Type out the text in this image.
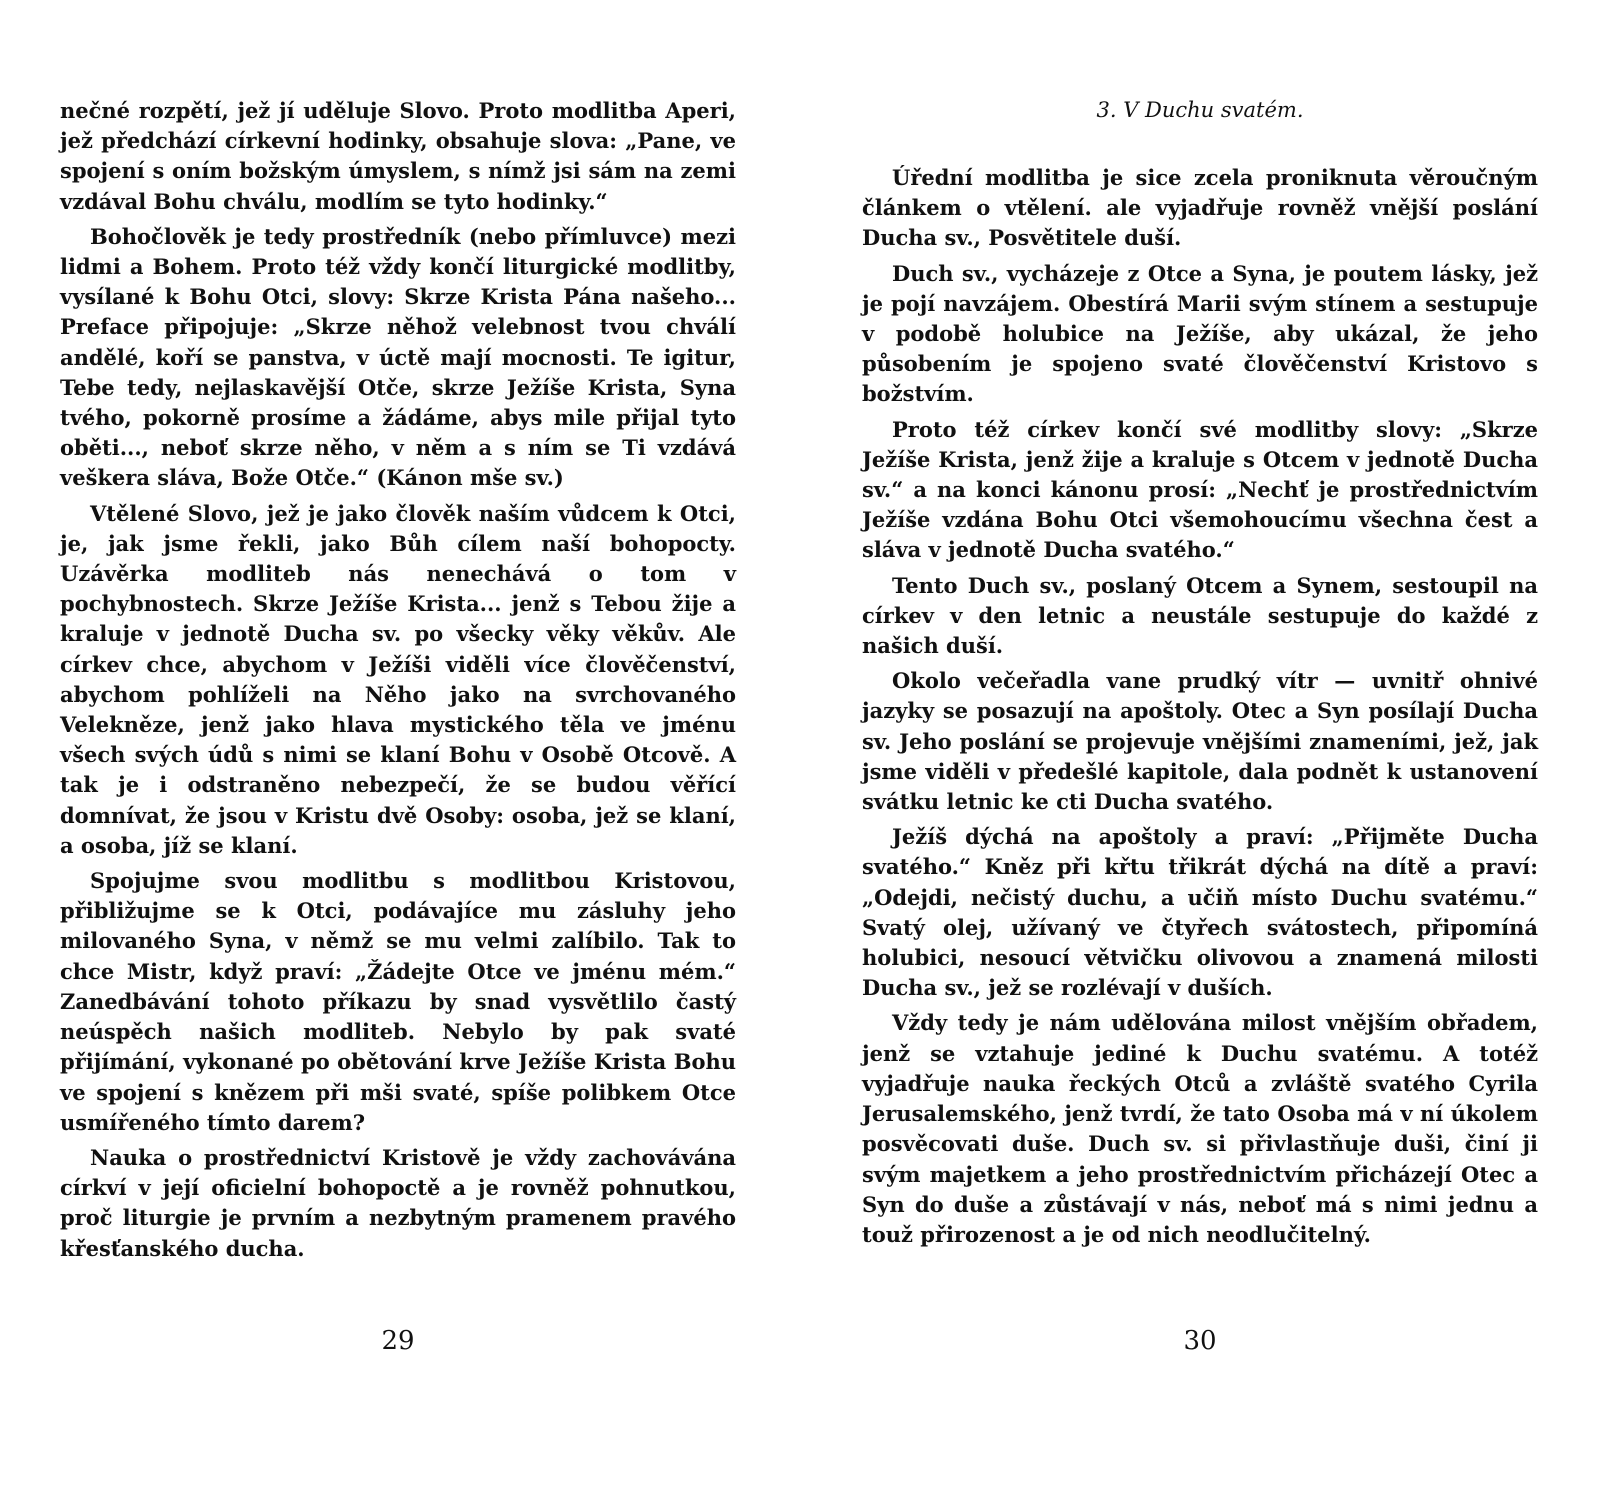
nečné rozpětí, jež jí uděluje Slovo. Proto modlitba Aperi, jež předchází církevní hodinky, obsahuje slova: „Pane, ve spojení s oním božským úmyslem, s nímž jsi sám na zemi vzdával Bohu chválu, modlím se tyto hodinky.“

Bohočlověk je tedy prostředník (nebo přímluvce) mezi lidmi a Bohem. Proto též vždy končí liturgické modlitby, vysílané k Bohu Otci, slovy: Skrze Krista Pána našeho... Preface připojuje: „Skrze něhož velebnost tvou chválí andělé, koří se panstva, v úctě mají mocnosti. Te igitur, Tebe tedy, nejlaskavější Otče, skrze Ježíše Krista, Syna tvého, pokorně prosíme a žádáme, abys mile přijal tyto oběti..., neboť skrze něho, v něm a s ním se Ti vzdává veškera sláva, Bože Otče.“ (Kánon mše sv.)

Vtělené Slovo, jež je jako člověk naším vůdcem k Otci, je, jak jsme řekli, jako Bůh cílem naší bohopocty. Uzávěrka modliteb nás nenechává o tom v pochybnostech. Skrze Ježíše Krista... jenž s Tebou žije a kraluje v jednotě Ducha sv. po všecky věky věkův. Ale církev chce, abychom v Ježíši viděli více člověčenství, abychom pohlíželi na Něho jako na svrchovaného Velekněze, jenž jako hlava mystického těla ve jménu všech svých údů s nimi se klaní Bohu v Osobě Otcově. A tak je i odstraněno nebezpečí, že se budou věřící domnívat, že jsou v Kristu dvě Osoby: osoba, jež se klaní, a osoba, jíž se klaní.

Spojujme svou modlitbu s modlitbou Kristovou, přibližujme se k Otci, podávajíce mu zásluhy jeho milovaného Syna, v němž se mu velmi zalíbilo. Tak to chce Mistr, když praví: „Žádejte Otce ve jménu mém.“ Zanedbávání tohoto příkazu by snad vysvětlilo častý neúspěch našich modliteb. Nebylo by pak svaté přijímání, vykonané po obětování krve Ježíše Krista Bohu ve spojení s knězem při mši svaté, spíše polibkem Otce usmířeného tímto darem?

Nauka o prostřednictví Kristově je vždy zachovávána církví v její oficielní bohopoctě a je rovněž pohnutkou, proč liturgie je prvním a nezbytným pramenem pravého křesťanského ducha.

29
3. V Duchu svatém.

Úřední modlitba je sice zcela proniknuta věroučným článkem o vtělení. ale vyjadřuje rovněž vnější poslání Ducha sv., Posvětitele duší.

Duch sv., vycházeje z Otce a Syna, je poutem lásky, jež je pojí navzájem. Obestírá Marii svým stínem a sestupuje v podobě holubice na Ježíše, aby ukázal, že jeho působením je spojeno svaté člověčenství Kristovo s božstvím.

Proto též církev končí své modlitby slovy: „Skrze Ježíše Krista, jenž žije a kraluje s Otcem v jednotě Ducha sv.“ a na konci kánonu prosí: „Nechť je prostřednictvím Ježíše vzdána Bohu Otci všemohoucímu všechna čest a sláva v jednotě Ducha svatého.“

Tento Duch sv., poslaný Otcem a Synem, sestoupil na církev v den letnic a neustále sestupuje do každé z našich duší.

Okolo večeřadla vane prudký vítr — uvnitř ohnivé jazyky se posazují na apoštoly. Otec a Syn posílají Ducha sv. Jeho poslání se projevuje vnějšími znameními, jež, jak jsme viděli v předešlé kapitole, dala podnět k ustanovení svátku letnic ke cti Ducha svatého.

Ježíš dýchá na apoštoly a praví: „Přijměte Ducha svatého.“ Kněz při křtu třikrát dýchá na dítě a praví: „Odejdi, nečistý duchu, a učiň místo Duchu svatému.“ Svatý olej, užívaný ve čtyřech svátostech, připomíná holubici, nesoucí větvičku olivovou a znamená milosti Ducha sv., jež se rozlévají v duších.

Vždy tedy je nám udělována milost vnějším obřadem, jenž se vztahuje jediné k Duchu svatému. A totéž vyjadřuje nauka řeckých Otců a zvláště svatého Cyrila Jerusalemského, jenž tvrdí, že tato Osoba má v ní úkolem posvěcovati duše. Duch sv. si přivlastňuje duši, činí ji svým majetkem a jeho prostřednictvím přicházejí Otec a Syn do duše a zůstávají v nás, neboť má s nimi jednu a touž přirozenost a je od nich neodlučitelný.

30
